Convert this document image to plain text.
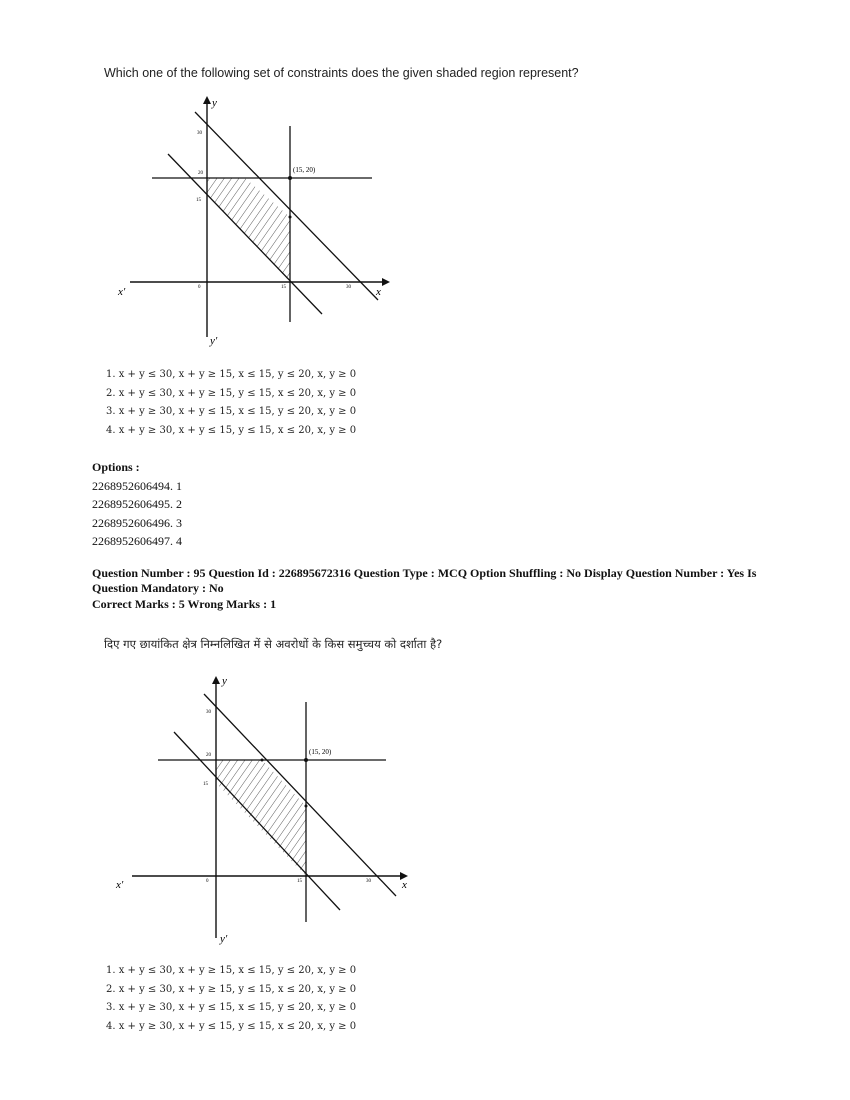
Which one of the following set of constraints does the given shaded region represent?
y
y′
x
x′	0
30
20
15
15	30
(15, 20)
1. x + y ≤ 30, x + y ≥ 15, x ≤ 15, y ≤ 20, x, y ≥ 0
2. x + y ≤ 30, x + y ≥ 15, y ≤ 15, x ≤ 20, x, y ≥ 0
3. x + y ≥ 30, x + y ≤ 15, x ≤ 15, y ≤ 20, x, y ≥ 0
4. x + y ≥ 30, x + y ≤ 15, y ≤ 15, x ≤ 20, x, y ≥ 0
Options :
2268952606494. 1
2268952606495. 2
2268952606496. 3
2268952606497. 4
Question Number : 95 Question Id : 226895672316 Question Type : MCQ Option Shuffling : No Display Question Number : Yes Is Question Mandatory : No
Correct Marks : 5 Wrong Marks : 1
दिए गए छायांकित क्षेत्र निम्नलिखित में से अवरोधों के किस समुच्चय को दर्शाता है?
y
y′
x
x′	0
30
20
15
15	30
(15, 20)
1. x + y ≤ 30, x + y ≥ 15, x ≤ 15, y ≤ 20, x, y ≥ 0
2. x + y ≤ 30, x + y ≥ 15, y ≤ 15, x ≤ 20, x, y ≥ 0
3. x + y ≥ 30, x + y ≤ 15, x ≤ 15, y ≤ 20, x, y ≥ 0
4. x + y ≥ 30, x + y ≤ 15, y ≤ 15, x ≤ 20, x, y ≥ 0
